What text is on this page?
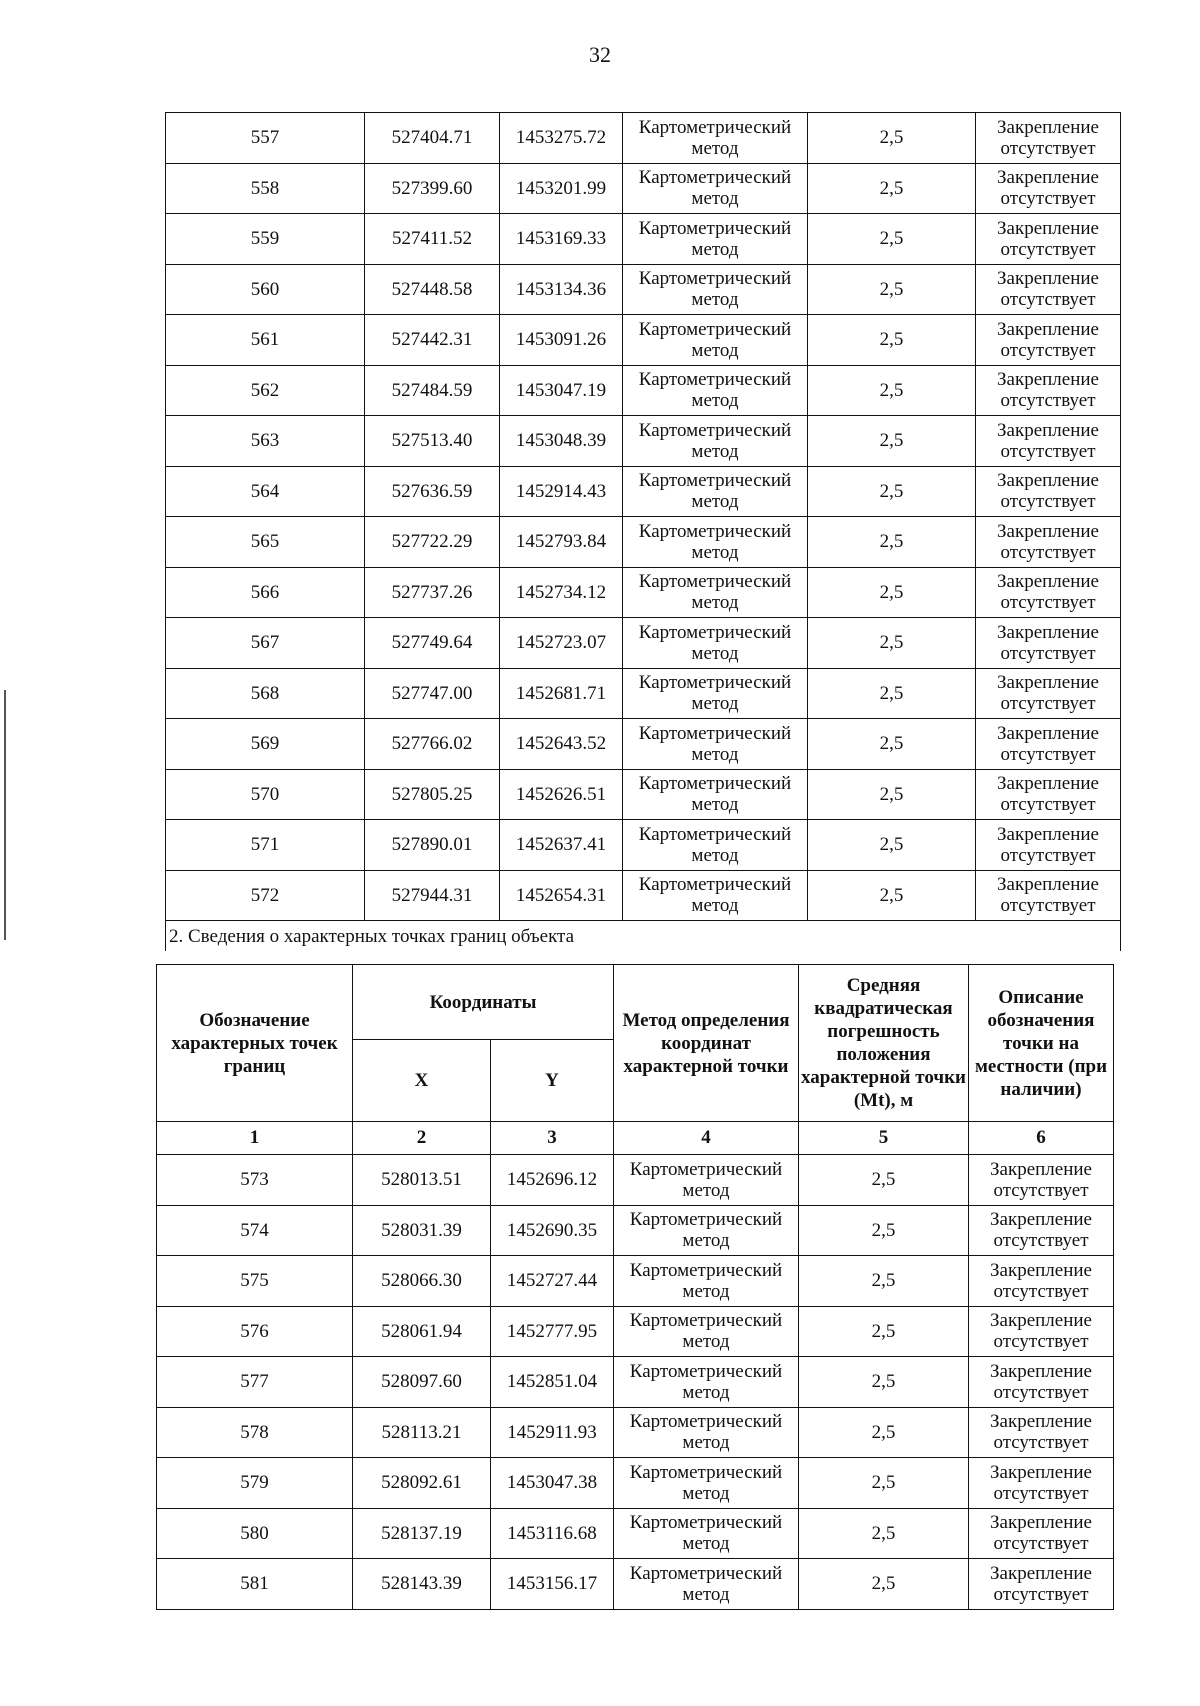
32
557	527404.71	1453275.72	Картометрический
метод	2,5	Закрепление
отсутствует

558	527399.60	1453201.99	Картометрический
метод	2,5	Закрепление
отсутствует

559	527411.52	1453169.33	Картометрический
метод	2,5	Закрепление
отсутствует

560	527448.58	1453134.36	Картометрический
метод	2,5	Закрепление
отсутствует

561	527442.31	1453091.26	Картометрический
метод	2,5	Закрепление
отсутствует

562	527484.59	1453047.19	Картометрический
метод	2,5	Закрепление
отсутствует

563	527513.40	1453048.39	Картометрический
метод	2,5	Закрепление
отсутствует

564	527636.59	1452914.43	Картометрический
метод	2,5	Закрепление
отсутствует

565	527722.29	1452793.84	Картометрический
метод	2,5	Закрепление
отсутствует

566	527737.26	1452734.12	Картометрический
метод	2,5	Закрепление
отсутствует

567	527749.64	1452723.07	Картометрический
метод	2,5	Закрепление
отсутствует

568	527747.00	1452681.71	Картометрический
метод	2,5	Закрепление
отсутствует

569	527766.02	1452643.52	Картометрический
метод	2,5	Закрепление
отсутствует

570	527805.25	1452626.51	Картометрический
метод	2,5	Закрепление
отсутствует

571	527890.01	1452637.41	Картометрический
метод	2,5	Закрепление
отсутствует

572	527944.31	1452654.31	Картометрический
метод	2,5	Закрепление
отсутствует

2. Сведения о характерных точках границ объекта					
Обозначение характерных точек границ	Координаты		Метод определения координат характерной точки	Средняя квадратическая погрешность положения характерной точки (Mt), м	Описание обозначения точки на местности (при наличии)
	X	Y			
1	2	3	4	5	6
573	528013.51	1452696.12	Картометрический
метод	2,5	Закрепление
отсутствует

574	528031.39	1452690.35	Картометрический
метод	2,5	Закрепление
отсутствует

575	528066.30	1452727.44	Картометрический
метод	2,5	Закрепление
отсутствует

576	528061.94	1452777.95	Картометрический
метод	2,5	Закрепление
отсутствует

577	528097.60	1452851.04	Картометрический
метод	2,5	Закрепление
отсутствует

578	528113.21	1452911.93	Картометрический
метод	2,5	Закрепление
отсутствует

579	528092.61	1453047.38	Картометрический
метод	2,5	Закрепление
отсутствует

580	528137.19	1453116.68	Картометрический
метод	2,5	Закрепление
отсутствует

581	528143.39	1453156.17	Картометрический
метод	2,5	Закрепление
отсутствует
